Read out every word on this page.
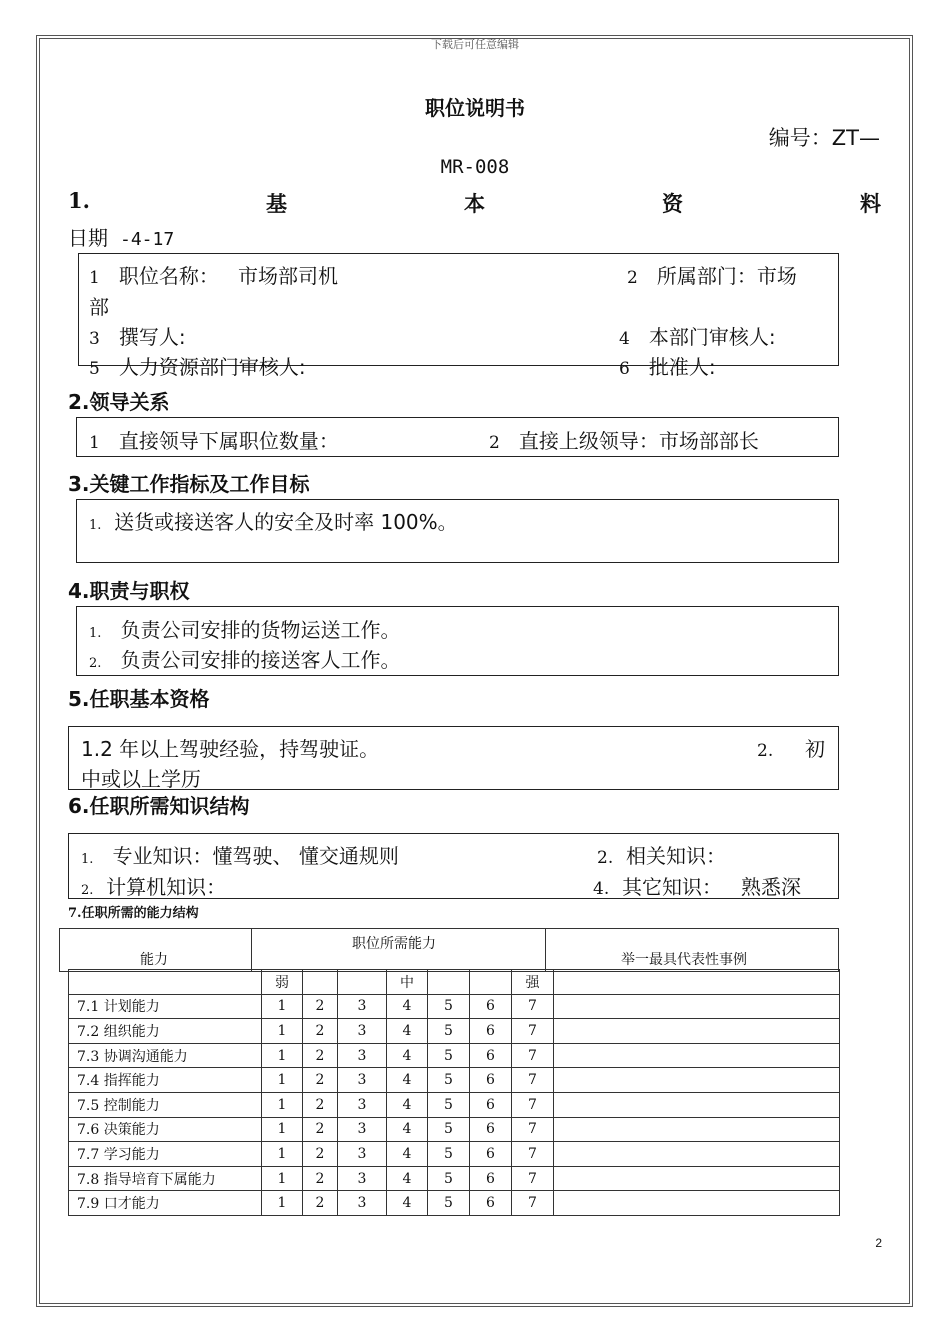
下载后可任意编辑
职位说明书
编号：ZT—
MR-008
1.	基	本	资	料
日期 -4-17
1 职位名称： 市场部司机	2 所属部门：市场
部
3 撰写人:	4 本部门审核人:
5 人力资源部门审核人:	6 批准人:
2.领导关系
1 直接领导下属职位数量：	2 直接上级领导：市场部部长
3.关键工作指标及工作目标
1. 送货或接送客人的安全及时率 100%。
4.职责与职权
1. 负责公司安排的货物运送工作。
2. 负责公司安排的接送客人工作。
5.任职基本资格
1.2 年以上驾驶经验，持驾驶证。	2. 初
中或以上学历
6.任职所需知识结构
1. 专业知识：懂驾驶、 懂交通规则	2. 相关知识：
2. 计算机知识：	4. 其它知识： 熟悉深
7.任职所需的能力结构
能力
职位所需能力
举一最具代表性事例
	弱			中			强	
7.1 计划能力	1	2	3	4	5	6	7	
7.2 组织能力	1	2	3	4	5	6	7	
7.3 协调沟通能力	1	2	3	4	5	6	7	
7.4 指挥能力	1	2	3	4	5	6	7	
7.5 控制能力	1	2	3	4	5	6	7	
7.6 决策能力	1	2	3	4	5	6	7	
7.7 学习能力	1	2	3	4	5	6	7	
7.8 指导培育下属能力	1	2	3	4	5	6	7	
7.9 口才能力	1	2	3	4	5	6	7	
2
